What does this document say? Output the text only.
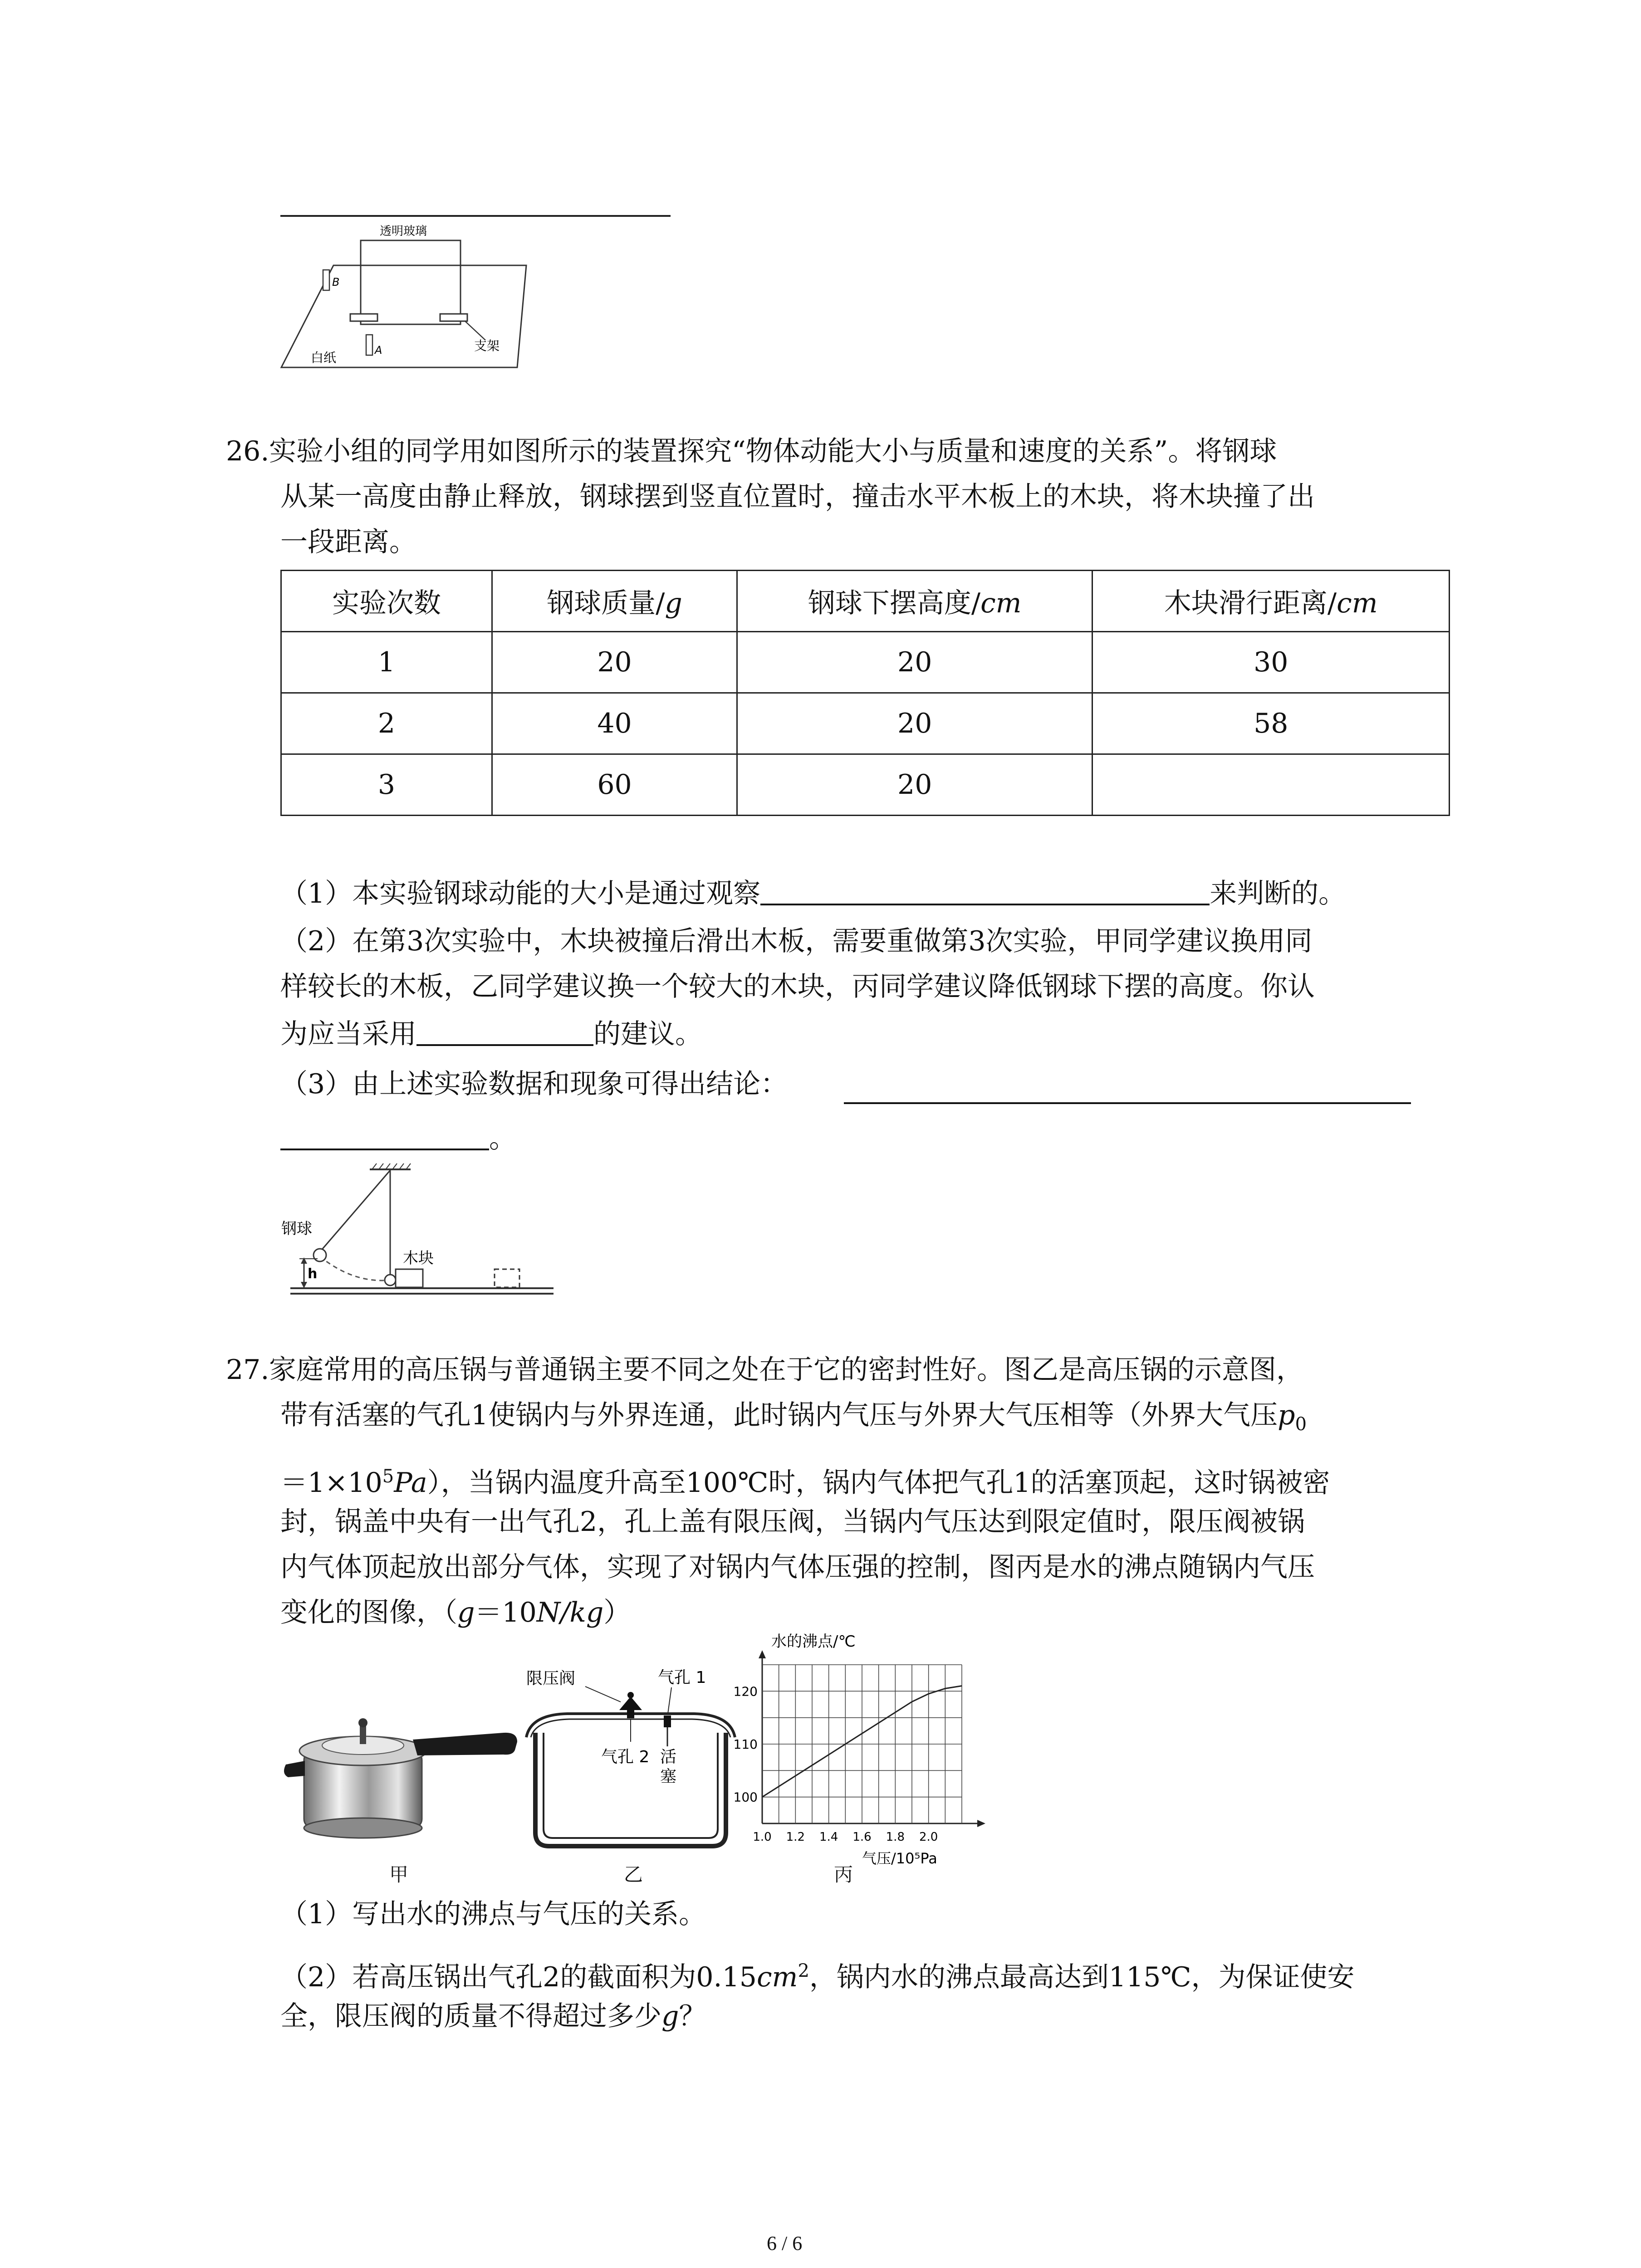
透明玻璃
B
A
白纸
支架
26.实验小组的同学用如图所示的装置探究“物体动能大小与质量和速度的关系”。将钢球
从某一高度由静止释放，钢球摆到竖直位置时，撞击水平木板上的木块，将木块撞了出
一段距离。
实验次数	钢球质量/g	钢球下摆高度/cm	木块滑行距离/cm
1	20	20	30
2	40	20	58
3	60	20	
（1）本实验钢球动能的大小是通过观察	来判断的。
（2）在第3次实验中，木块被撞后滑出木板，需要重做第3次实验，甲同学建议换用同
样较长的木板，乙同学建议换一个较大的木块，丙同学建议降低钢球下摆的高度。你认
为应当采用	的建议。
（3）由上述实验数据和现象可得出结论：
。
钢球
木块
h
27.家庭常用的高压锅与普通锅主要不同之处在于它的密封性好。图乙是高压锅的示意图，
带有活塞的气孔1使锅内与外界连通，此时锅内气压与外界大气压相等（外界大气压$p_0$
$=1\times 10^5Pa$），当锅内温度升高至100℃时，锅内气体把气孔1的活塞顶起，这时锅被密
封，锅盖中央有一出气孔2，孔上盖有限压阀，当锅内气压达到限定值时，限压阀被锅
内气体顶起放出部分气体，实现了对锅内气体压强的控制，图丙是水的沸点随锅内气压
变化的图像，（g＝10N/kg）
限压阀	气孔 1
气孔 2 活
塞
100
110
120
1.0 1.2 1.4 1.6 1.8 2.0
水的沸点/℃
气压/10⁵Pa
甲	乙	丙
（1）写出水的沸点与气压的关系。
（2）若高压锅出气孔2的截面积为$0.15cm^2$，锅内水的沸点最高达到115℃，为保证使安
全，限压阀的质量不得超过多少g？
6 / 6
